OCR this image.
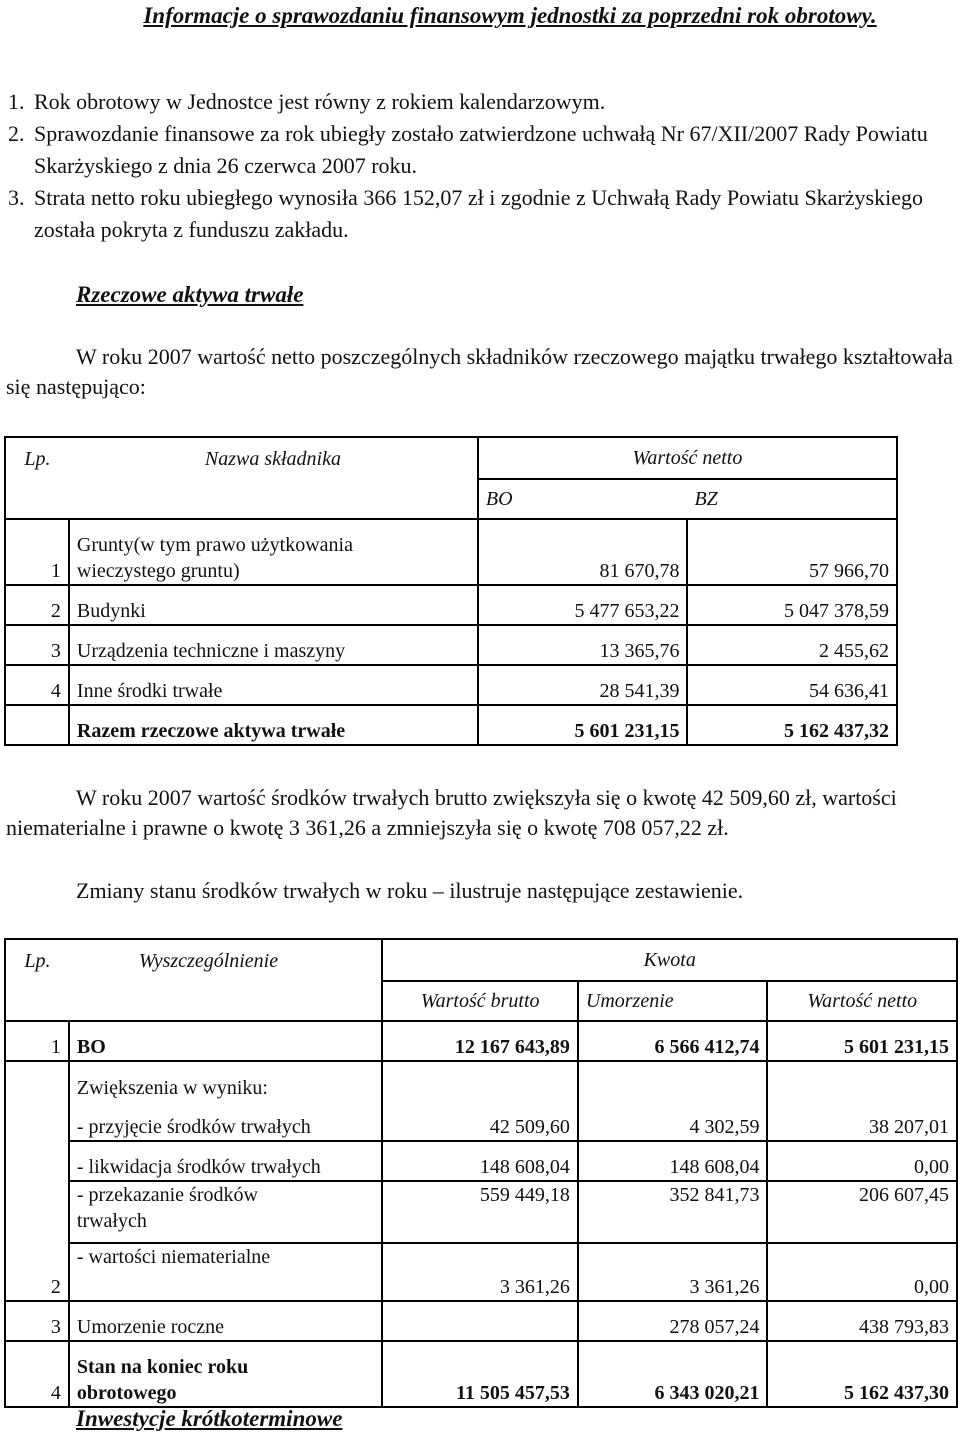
Informacje o sprawozdaniu finansowym jednostki za poprzedni rok obrotowy.
1. Rok obrotowy w Jednostce jest równy z rokiem kalendarzowym.
2. Sprawozdanie finansowe za rok ubiegły zostało zatwierdzone uchwałą Nr 67/XII/2007 Rady Powiatu Skarżyskiego z dnia 26 czerwca 2007 roku.
3. Strata netto roku ubiegłego wynosiła 366 152,07 zł i zgodnie z Uchwałą Rady Powiatu Skarżyskiego została pokryta z funduszu zakładu.
Rzeczowe aktywa trwałe
W roku 2007 wartość netto poszczególnych składników rzeczowego majątku trwałego kształtowała się następująco:
Lp.	Nazwa składnika	Wartość netto	
		BO	BZ
1	Grunty(w tym prawo użytkowania
wieczystego gruntu)	81 670,78	57 966,70
2	Budynki	5 477 653,22	5 047 378,59
3	Urządzenia techniczne i maszyny	13 365,76	2 455,62
4	Inne środki trwałe	28 541,39	54 636,41
	Razem rzeczowe aktywa trwałe	5 601 231,15	5 162 437,32
W roku 2007 wartość środków trwałych brutto zwiększyła się o kwotę 42 509,60 zł, wartości niematerialne i prawne o kwotę 3 361,26 a zmniejszyła się o kwotę 708 057,22 zł.
Zmiany stanu środków trwałych w roku – ilustruje następujące zestawienie.
Lp.	Wyszczególnienie	Kwota		
		Wartość brutto	Umorzenie	Wartość netto
1	BO	12 167 643,89	6 566 412,74	5 601 231,15
	Zwiększenia w wyniku:			
	- przyjęcie środków trwałych	42 509,60	4 302,59	38 207,01
	- likwidacja środków trwałych	148 608,04	148 608,04	0,00

	- przekazanie środków
trwałych	559 449,18	352 841,73	206 607,45
2	- wartości niematerialne	3 361,26	3 361,26	0,00
3	Umorzenie roczne		278 057,24	438 793,83
4	Stan na koniec roku
obrotowego	11 505 457,53	6 343 020,21	5 162 437,30
Inwestycje krótkoterminowe
